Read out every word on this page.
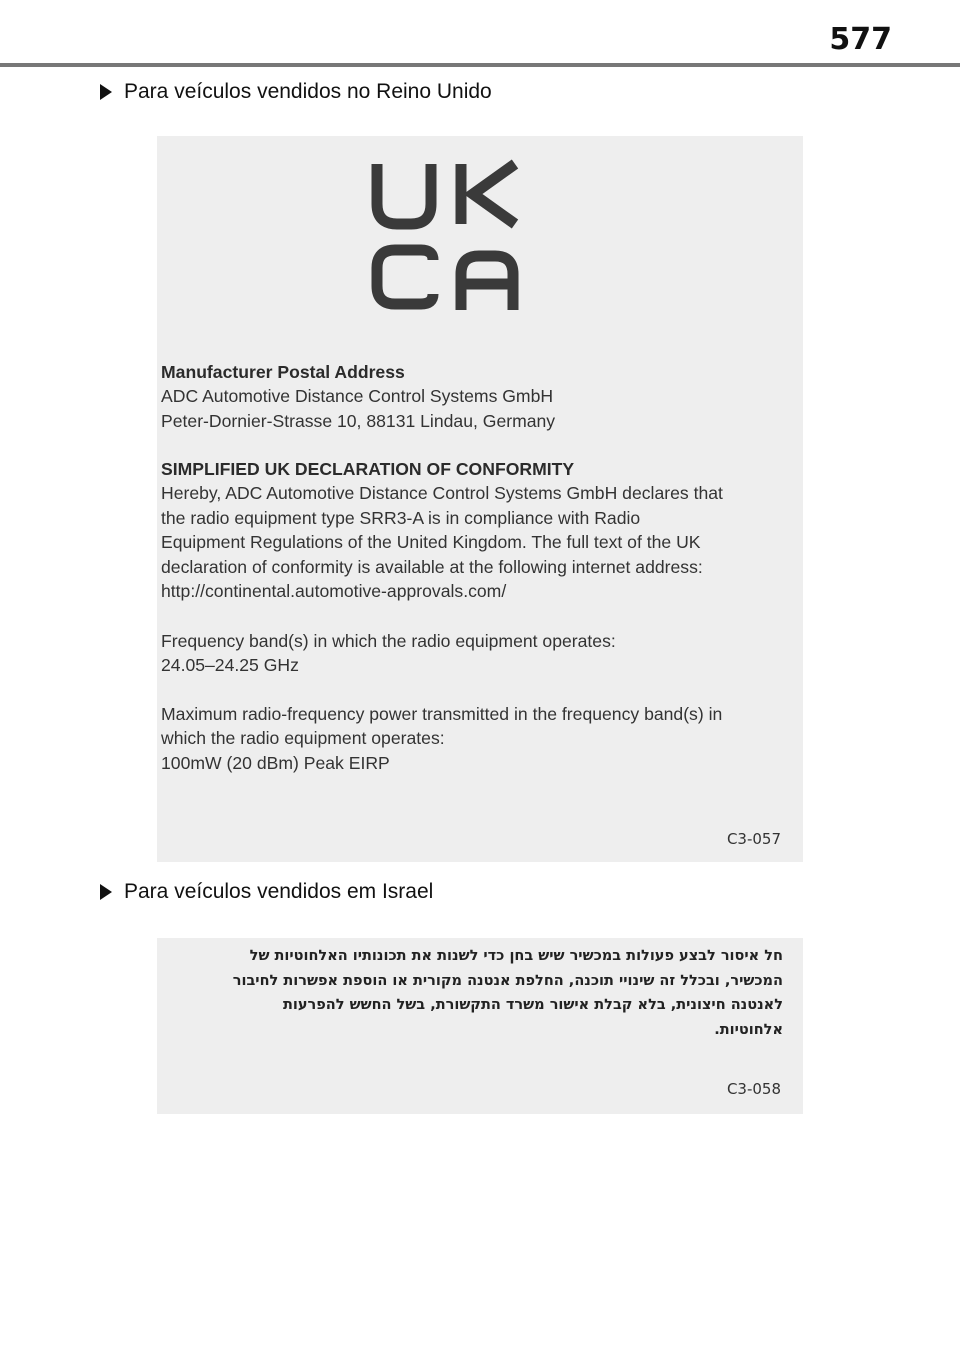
577
Para veículos vendidos no Reino Unido
Manufacturer Postal Address
ADC Automotive Distance Control Systems GmbH
Peter-Dornier-Strasse 10, 88131 Lindau, Germany
SIMPLIFIED UK DECLARATION OF CONFORMITY
Hereby, ADC Automotive Distance Control Systems GmbH declares that
the radio equipment type SRR3-A is in compliance with Radio
Equipment Regulations of the United Kingdom. The full text of the UK
declaration of conformity is available at the following internet address:
http://continental.automotive-approvals.com/
Frequency band(s) in which the radio equipment operates:
24.05–24.25 GHz
Maximum radio-frequency power transmitted in the frequency band(s) in
which the radio equipment operates:
100mW (20 dBm) Peak EIRP
C3-057
Para veículos vendidos em Israel
חל איסור לבצע פעולות במכשיר שיש בחן כדי לשנות את תכונותיו האלחוטיות של
המכשיר, ובכלל זה שינויי תוכנה, החלפת אנטנה מקורית או הוספת אפשרות לחיבור
לאנטנה חיצונית, בלא קבלת אישור משרד התקשורת, בשל החשש להפרעות
אלחוטיות.
C3-058
